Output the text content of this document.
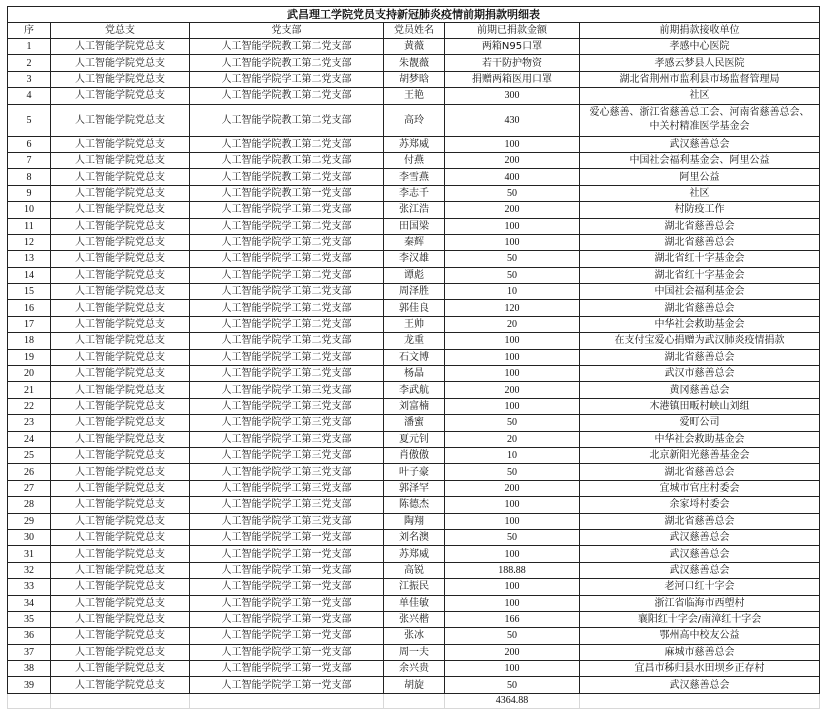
武昌理工学院党员支持新冠肺炎疫情前期捐款明细表					
序	党总支	党支部	党员姓名	前期已捐款金额	前期捐款接收单位
1	人工智能学院党总支	人工智能学院教工第二党支部	黄薇	两箱N95口罩	孝感中心医院
2	人工智能学院党总支	人工智能学院教工第二党支部	朱靓薇	若干防护物资	孝感云梦县人民医院
3	人工智能学院党总支	人工智能学院学工第二党支部	胡梦晗	捐赠两箱医用口罩	湖北省荆州市监利县市场监督管理局
4	人工智能学院党总支	人工智能学院教工第二党支部	王艳	300	社区
5	人工智能学院党总支	人工智能学院教工第二党支部	高玲	430	爱心慈善、浙江省慈善总工会、河南省慈善总会、中关村精准医学基金会
6	人工智能学院党总支	人工智能学院教工第二党支部	苏郑威	100	武汉慈善总会
7	人工智能学院党总支	人工智能学院教工第二党支部	付燕	200	中国社会福利基金会、阿里公益
8	人工智能学院党总支	人工智能学院教工第二党支部	李雪燕	400	阿里公益
9	人工智能学院党总支	人工智能学院教工第一党支部	李志千	50	社区
10	人工智能学院党总支	人工智能学院学工第二党支部	张江浩	200	村防疫工作
11	人工智能学院党总支	人工智能学院学工第二党支部	田国梁	100	湖北省慈善总会
12	人工智能学院党总支	人工智能学院学工第二党支部	秦辉	100	湖北省慈善总会
13	人工智能学院党总支	人工智能学院学工第二党支部	李汉雄	50	湖北省红十字基金会
14	人工智能学院党总支	人工智能学院学工第二党支部	谭彪	50	湖北省红十字基金会
15	人工智能学院党总支	人工智能学院学工第二党支部	周泽胜	10	中国社会福利基金会
16	人工智能学院党总支	人工智能学院学工第二党支部	郭佳良	120	湖北省慈善总会
17	人工智能学院党总支	人工智能学院学工第二党支部	王帅	20	中华社会救助基金会
18	人工智能学院党总支	人工智能学院学工第二党支部	龙重	100	在支付宝爱心捐赠为武汉肺炎疫情捐款
19	人工智能学院党总支	人工智能学院学工第二党支部	石文博	100	湖北省慈善总会
20	人工智能学院党总支	人工智能学院学工第二党支部	杨晶	100	武汉市慈善总会
21	人工智能学院党总支	人工智能学院学工第三党支部	李武航	200	黄冈慈善总会
22	人工智能学院党总支	人工智能学院学工第三党支部	刘富楠	100	木港镇田畈村峡山刘组
23	人工智能学院党总支	人工智能学院学工第三党支部	潘蜜	50	爱町公司
24	人工智能学院党总支	人工智能学院学工第三党支部	夏元钊	20	中华社会救助基金会
25	人工智能学院党总支	人工智能学院学工第三党支部	肖傲傲	10	北京新阳光慈善基金会
26	人工智能学院党总支	人工智能学院学工第三党支部	叶子豪	50	湖北省慈善总会
27	人工智能学院党总支	人工智能学院学工第三党支部	郭泽罕	200	宜城市官庄村委会
28	人工智能学院党总支	人工智能学院学工第三党支部	陈德杰	100	余家埒村委会
29	人工智能学院党总支	人工智能学院学工第三党支部	陶翔	100	湖北省慈善总会
30	人工智能学院党总支	人工智能学院学工第一党支部	刘名澳	50	武汉慈善总会
31	人工智能学院党总支	人工智能学院学工第一党支部	苏郑威	100	武汉慈善总会
32	人工智能学院党总支	人工智能学院学工第一党支部	高锐	188.88	武汉慈善总会
33	人工智能学院党总支	人工智能学院学工第一党支部	江振民	100	老河口红十字会
34	人工智能学院党总支	人工智能学院学工第一党支部	单佳敏	100	浙江省临海市西塱村
35	人工智能学院党总支	人工智能学院学工第一党支部	张兴楷	166	襄阳红十字会/南漳红十字会
36	人工智能学院党总支	人工智能学院学工第一党支部	张冰	50	鄂州高中校友公益
37	人工智能学院党总支	人工智能学院学工第一党支部	周一夫	200	麻城市慈善总会
38	人工智能学院党总支	人工智能学院学工第一党支部	余兴贵	100	宜昌市秭归县水田坝乡正存村
39	人工智能学院党总支	人工智能学院学工第一党支部	胡旋	50	武汉慈善总会
				4364.88	
